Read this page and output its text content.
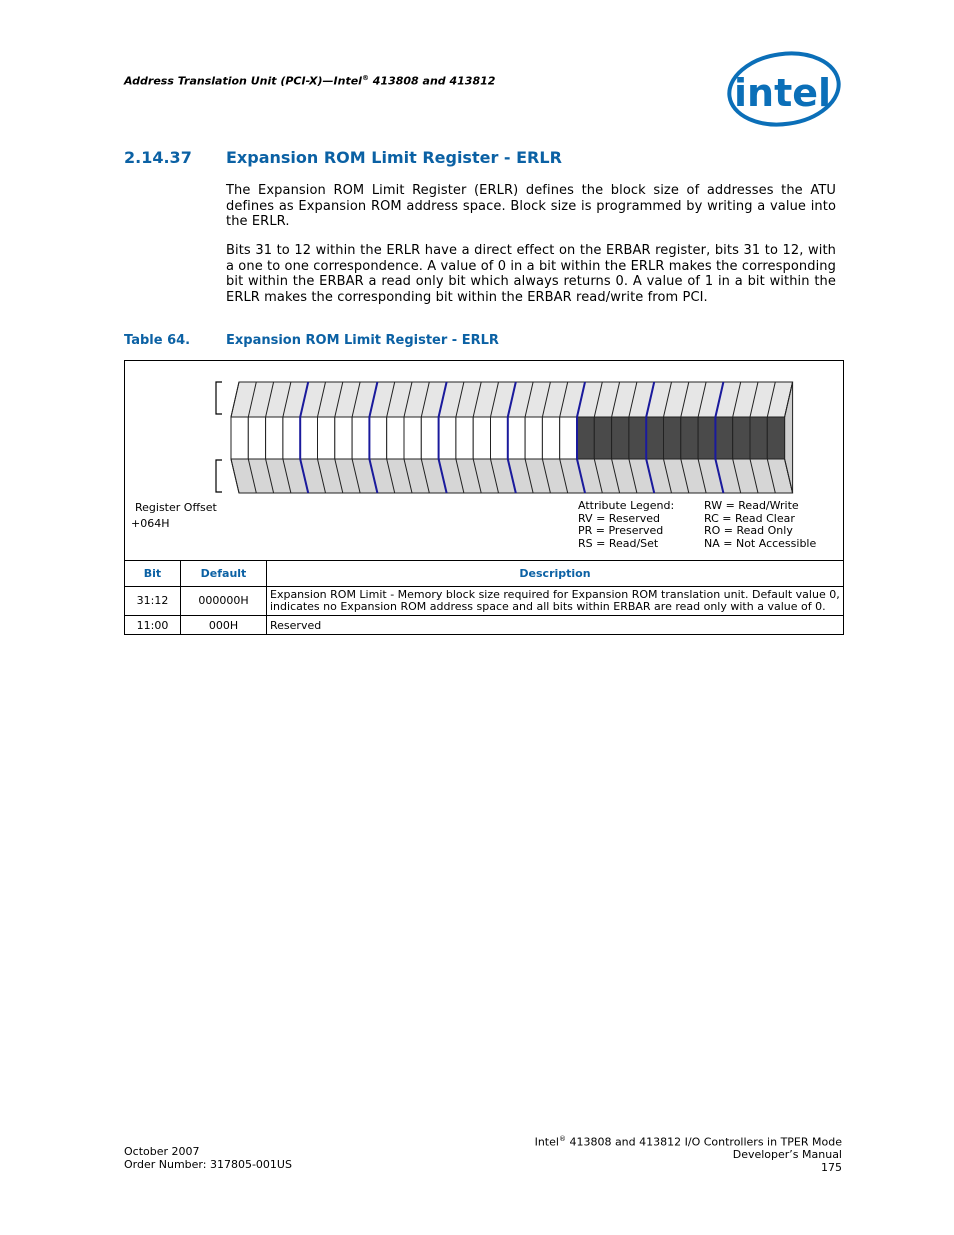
Address Translation Unit (PCI-X)—Intel® 413808 and 413812	intel
2.14.37 Expansion ROM Limit Register - ERLR
The Expansion ROM Limit Register (ERLR) defines the block size of addresses the ATU defines as Expansion ROM address space. Block size is programmed by writing a value into the ERLR.
Bits 31 to 12 within the ERLR have a direct effect on the ERBAR register, bits 31 to 12, with a one to one correspondence. A value of 0 in a bit within the ERLR makes the corresponding bit within the ERBAR a read only bit which always returns 0. A value of 1 in a bit within the ERLR makes the corresponding bit within the ERBAR read/write from PCI.
Table 64.	Expansion ROM Limit Register - ERLR
Register Offset
+064H
Attribute Legend:
RV = Reserved
PR = Preserved
RS = Read/Set
RW = Read/Write
RC = Read Clear
RO = Read Only
NA = Not Accessible
Bit	Default	Description
31:12	000000H	Expansion ROM Limit - Memory block size required for Expansion ROM translation unit. Default value 0, indicates no Expansion ROM address space and all bits within ERBAR are read only with a value of 0.
11:00	000H	Reserved
October 2007
Order Number: 317805-001US
Intel® 413808 and 413812 I/O Controllers in TPER Mode
Developer’s Manual
175
